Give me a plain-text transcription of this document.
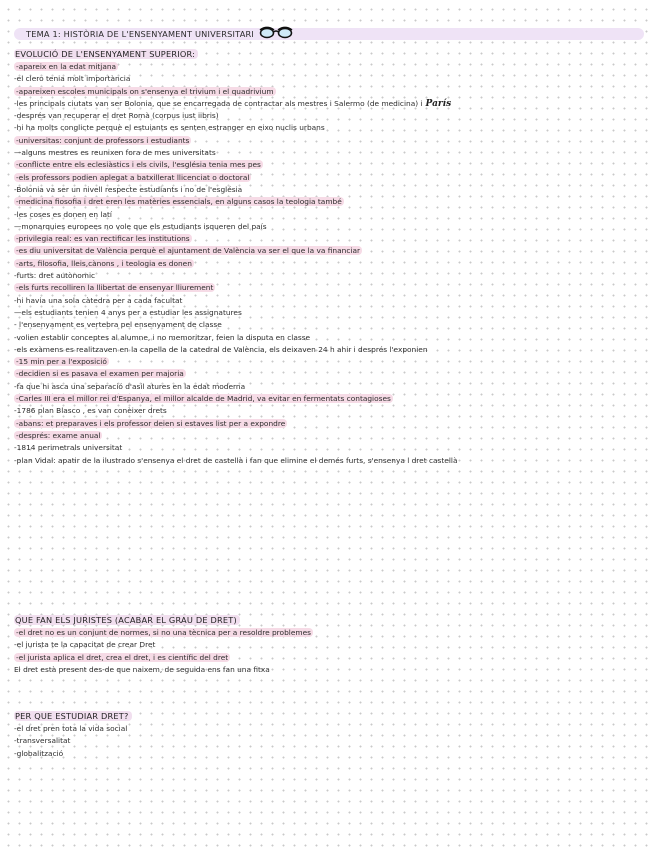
TEMA 1: HISTÒRIA DE L'ENSENYAMENT UNIVERSITARI
EVOLUCIÓ DE L'ENSENYAMENT SUPERIOR:
-apareix en la edat mitjana
-el clero tenia molt importància
-apareixen escoles municipals on s'ensenya el trivium i el quadrivium
-les principals ciutats van ser Bolonia, que se encarregada de contractar als mestres i Salermo (de medicina) i París
-després van recuperar el dret Romà (corpus iust iibris)
-hi ha molts conglicte perquè el estuiants es senten estranger en eixo nuclis urbans
-universitas: conjunt de professors i estudiants
—alguns mestres es reunixen fora de mes universitats
-conflicte entre els eclesiàstics i els civils, l'església tenia mes pes
-els professors podien aplegat a batxillerat llicenciat o doctoral
-Bolonia va ser un nivell respecte estudiants i no de l'església
-medicina fiosofia i dret eren les matèries essencials, en alguns casos la teologia també
-les coses es donen en latí
—monarquies europees no vole que els estudiants isqueren del país
-privilegia real: es van rectificar les institutions
-es diu universitat de València perquè el ajuntament de València va ser el que la va financiar
-arts, filosofia, lleis,cànons , i teologia es donen
-furts: dret autònomic
-els furts recolliren la llibertat de ensenyar lliurement
-hi havia una sola càtedra per a cada facultat
—els estudiants tenien 4 anys per a estudiar les assignatures
- l'ensenyament es vertebra pel ensenyament de classe
-volien establir conceptes al alumne, i no memoritzar, feien la disputa en classe
-els exàmens es realitzaven en la capella de la catedral de València, els deixaven 24 h ahir i després l'exponien
-15 min per a l'exposició
-decidien si es pasava el examen per majoria
-fa que hi asca una separació d'asil atures en la edat moderna
-Carles III era el millor rei d'Espanya, el millor alcalde de Madrid, va evitar en fermentats contagioses
-1786 plan Blasco , es van conèixer drets
-abans: et preparaves i els professor deien si estaves list per a expondre
-després: exame anual
-1814 perimetrals universitat
-plan Vidal: apatir de la ilustrado s'ensenya el dret de castellà i fan que elimine el demés furts, s'ensenya l dret castellà
QUE FAN ELS JURISTES (ACABAR EL GRAU DE DRET)
-el dret no es un conjunt de normes, si no una tècnica per a resoldre problemes
-el jurista te la capacitat de crear Dret
-el jurista aplica el dret, crea el dret, i es científic del dret
El dret està present des-de que naixem, de seguida ens fan una fitxa
PER QUE ESTUDIAR DRET?
-el dret pren tota la vida social
-transversalitat
-globalització
